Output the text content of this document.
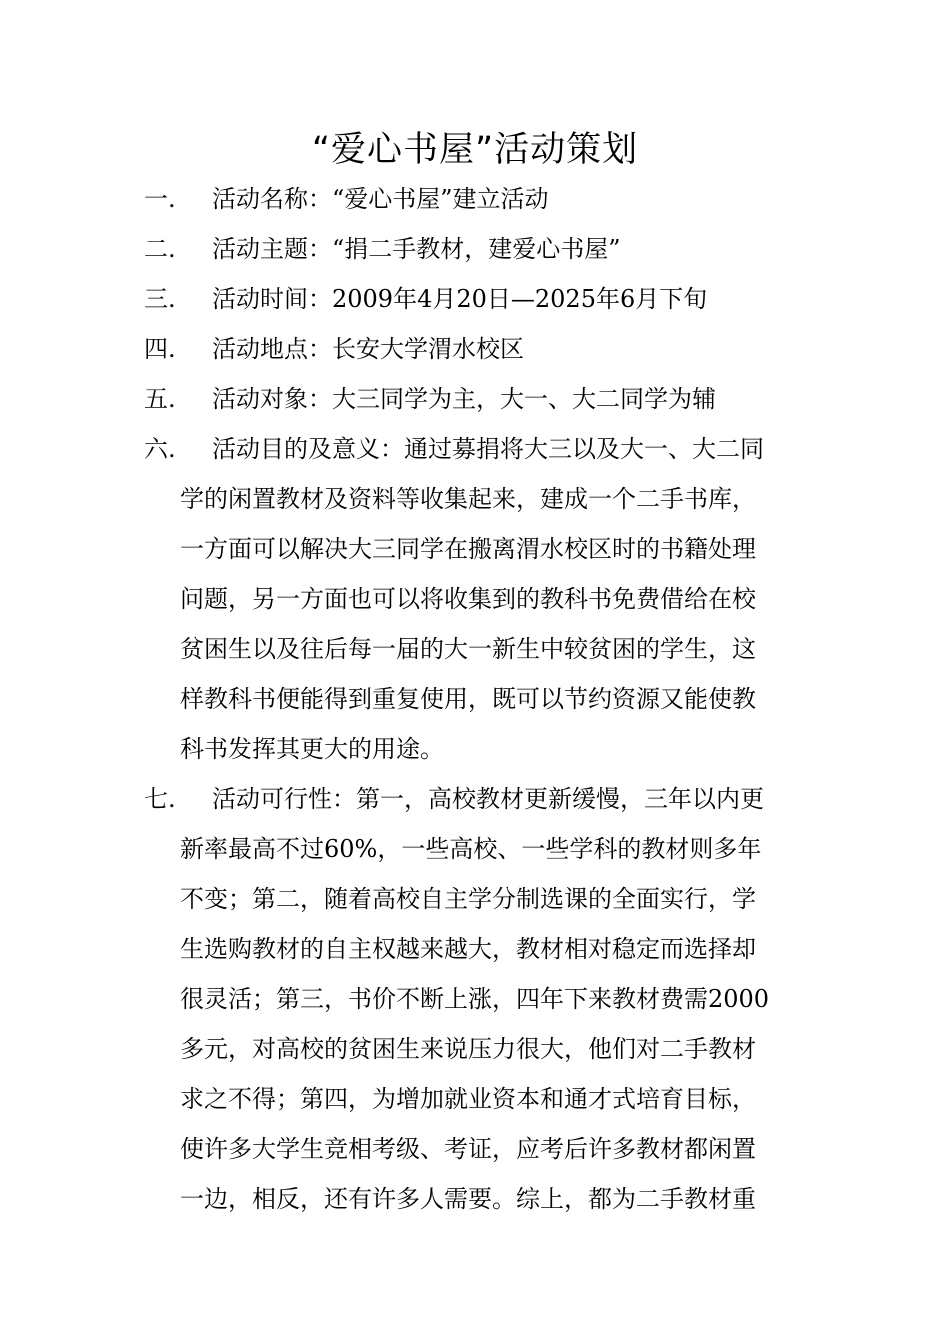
“爱心书屋”活动策划
一.	活动名称：“爱心书屋”建立活动
二.	活动主题：“捐二手教材，建爱心书屋”
三.	活动时间：2009年4月20日—2025年6月下旬
四.	活动地点：长安大学渭水校区
五.	活动对象：大三同学为主，大一、大二同学为辅
六.	活动目的及意义：通过募捐将大三以及大一、大二同
学的闲置教材及资料等收集起来，建成一个二手书库，
一方面可以解决大三同学在搬离渭水校区时的书籍处理
问题，另一方面也可以将收集到的教科书免费借给在校
贫困生以及往后每一届的大一新生中较贫困的学生，这
样教科书便能得到重复使用，既可以节约资源又能使教
科书发挥其更大的用途。
七.	活动可行性：第一，高校教材更新缓慢，三年以内更
新率最高不过60%，一些高校、一些学科的教材则多年
不变；第二，随着高校自主学分制选课的全面实行，学
生选购教材的自主权越来越大，教材相对稳定而选择却
很灵活；第三，书价不断上涨，四年下来教材费需2000
多元，对高校的贫困生来说压力很大，他们对二手教材
求之不得；第四，为增加就业资本和通才式培育目标，
使许多大学生竞相考级、考证，应考后许多教材都闲置
一边，相反，还有许多人需要。综上，都为二手教材重
